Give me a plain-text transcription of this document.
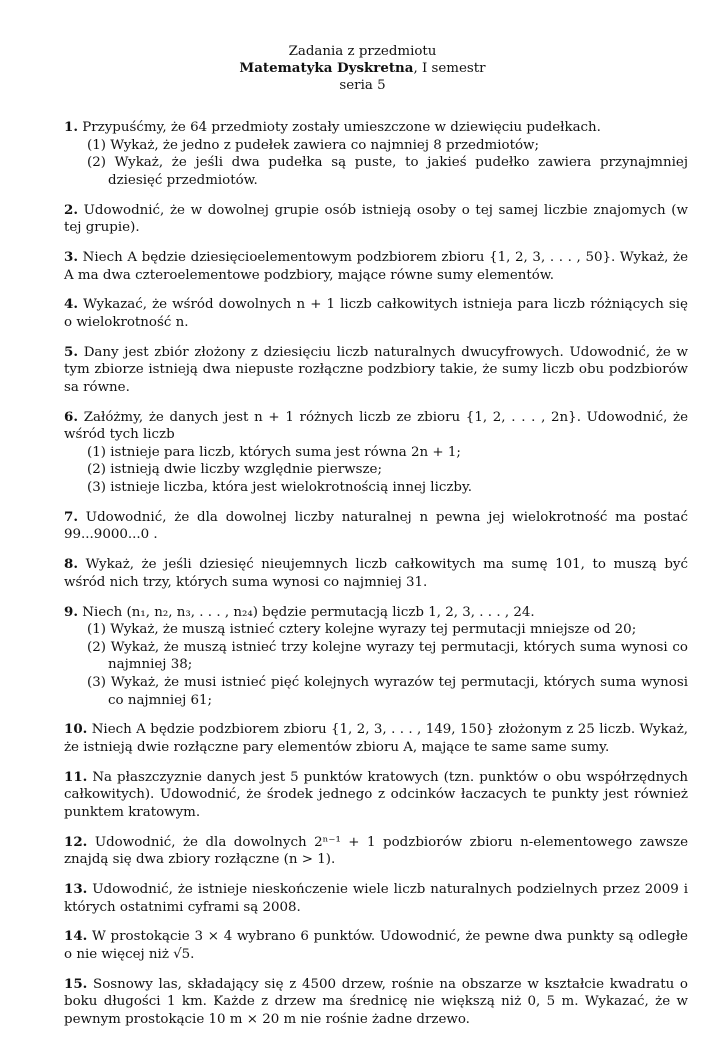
Zadania z przedmiotu
Matematyka Dyskretna, I semestr
seria 5
1. Przypuśćmy, że 64 przedmioty zostały umieszczone w dziewięciu pudełkach.
(1) Wykaż, że jedno z pudełek zawiera co najmniej 8 przedmiotów;
(2) Wykaż, że jeśli dwa pudełka są puste, to jakieś pudełko zawiera przynajmniej dziesięć przedmiotów.
2. Udowodnić, że w dowolnej grupie osób istnieją osoby o tej samej liczbie znajomych (w tej grupie).
3. Niech A będzie dziesięcioelementowym podzbiorem zbioru {1, 2, 3, . . . , 50}. Wykaż, że A ma dwa czteroelementowe podzbiory, mające równe sumy elementów.
4. Wykazać, że wśród dowolnych n + 1 liczb całkowitych istnieja para liczb różniących się o wielokrotność n.
5. Dany jest zbiór złożony z dziesięciu liczb naturalnych dwucyfrowych. Udowodnić, że w tym zbiorze istnieją dwa niepuste rozłączne podzbiory takie, że sumy liczb obu podzbiorów sa równe.
6. Załóżmy, że danych jest n + 1 różnych liczb ze zbioru {1, 2, . . . , 2n}. Udowodnić, że wśród tych liczb
(1) istnieje para liczb, których suma jest równa 2n + 1;
(2) istnieją dwie liczby względnie pierwsze;
(3) istnieje liczba, która jest wielokrotnością innej liczby.
7. Udowodnić, że dla dowolnej liczby naturalnej n pewna jej wielokrotność ma postać 99...9000...0 .
8. Wykaż, że jeśli dziesięć nieujemnych liczb całkowitych ma sumę 101, to muszą być wśród nich trzy, których suma wynosi co najmniej 31.
9. Niech (n₁, n₂, n₃, . . . , n₂₄) będzie permutacją liczb 1, 2, 3, . . . , 24.
(1) Wykaż, że muszą istnieć cztery kolejne wyrazy tej permutacji mniejsze od 20;
(2) Wykaż, że muszą istnieć trzy kolejne wyrazy tej permutacji, których suma wynosi co najmniej 38;
(3) Wykaż, że musi istnieć pięć kolejnych wyrazów tej permutacji, których suma wynosi co najmniej 61;
10. Niech A będzie podzbiorem zbioru {1, 2, 3, . . . , 149, 150} złożonym z 25 liczb. Wykaż, że istnieją dwie rozłączne pary elementów zbioru A, mające te same same sumy.
11. Na płaszczyznie danych jest 5 punktów kratowych (tzn. punktów o obu współrzędnych całkowitych). Udowodnić, że środek jednego z odcinków łaczacych te punkty jest również punktem kratowym.
12. Udowodnić, że dla dowolnych 2ⁿ⁻¹ + 1 podzbiorów zbioru n-elementowego zawsze znajdą się dwa zbiory rozłączne (n > 1).
13. Udowodnić, że istnieje nieskończenie wiele liczb naturalnych podzielnych przez 2009 i których ostatnimi cyframi są 2008.
14. W prostokącie 3 × 4 wybrano 6 punktów. Udowodnić, że pewne dwa punkty są odległe o nie więcej niż √5.
15. Sosnowy las, składający się z 4500 drzew, rośnie na obszarze w kształcie kwadratu o boku długości 1 km. Każde z drzew ma średnicę nie większą niż 0, 5 m. Wykazać, że w pewnym prostokącie 10 m × 20 m nie rośnie żadne drzewo.
